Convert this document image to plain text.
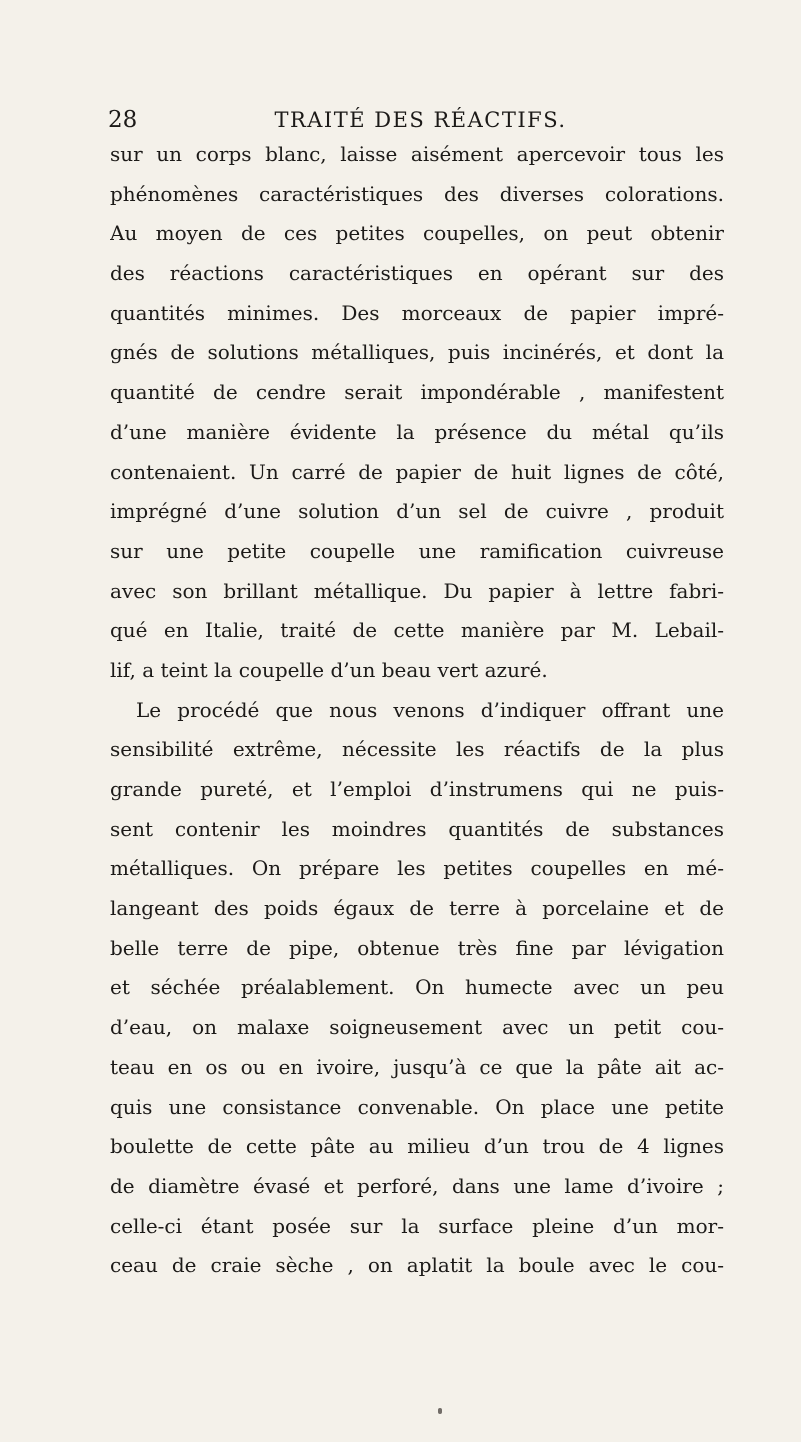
28	TRAITÉ DES RÉACTIFS.
sur un corps blanc, laisse aisément apercevoir tous les
phénomènes caractéristiques des diverses colorations.
Au moyen de ces petites coupelles, on peut obtenir
des réactions caractéristiques en opérant sur des
quantités minimes. Des morceaux de papier impré-
gnés de solutions métalliques, puis incinérés, et dont la
quantité de cendre serait impondérable , manifestent
d’une manière évidente la présence du métal qu’ils
contenaient. Un carré de papier de huit lignes de côté,
imprégné d’une solution d’un sel de cuivre , produit
sur une petite coupelle une ramification cuivreuse
avec son brillant métallique. Du papier à lettre fabri-
qué en Italie, traité de cette manière par M. Lebail-
lif, a teint la coupelle d’un beau vert azuré.
Le procédé que nous venons d’indiquer offrant une
sensibilité extrême, nécessite les réactifs de la plus
grande pureté, et l’emploi d’instrumens qui ne puis-
sent contenir les moindres quantités de substances
métalliques. On prépare les petites coupelles en mé-
langeant des poids égaux de terre à porcelaine et de
belle terre de pipe, obtenue très fine par lévigation
et séchée préalablement. On humecte avec un peu
d’eau, on malaxe soigneusement avec un petit cou-
teau en os ou en ivoire, jusqu’à ce que la pâte ait ac-
quis une consistance convenable. On place une petite
boulette de cette pâte au milieu d’un trou de 4 lignes
de diamètre évasé et perforé, dans une lame d’ivoire ;
celle-ci étant posée sur la surface pleine d’un mor-
ceau de craie sèche , on aplatit la boule avec le cou-
